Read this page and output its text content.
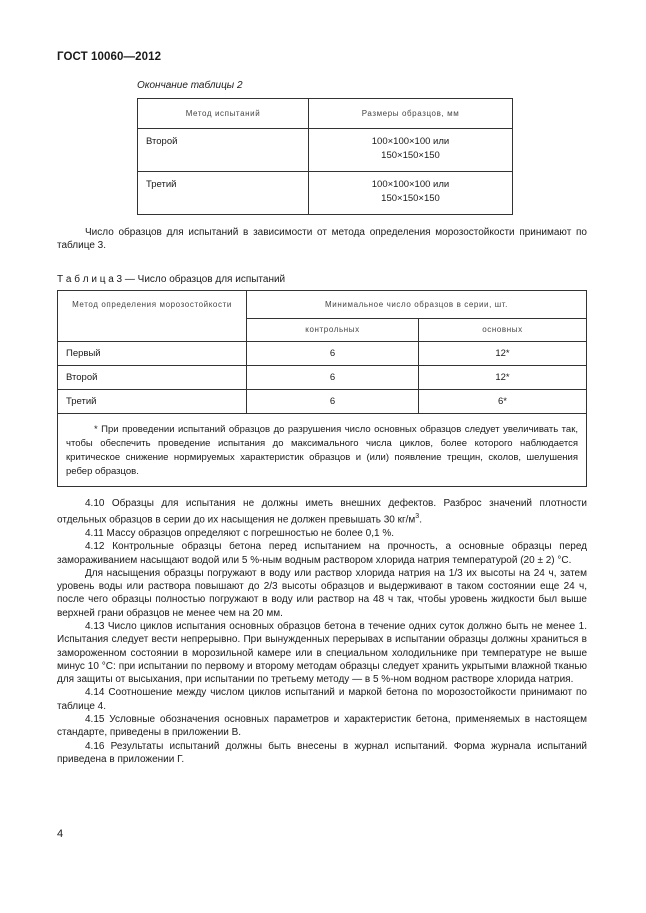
ГОСТ 10060—2012
Окончание таблицы 2
Метод испытаний	Размеры образцов, мм
Второй	100×100×100 или
150×150×150

Третий	100×100×100 или
150×150×150

Число образцов для испытаний в зависимости от метода определения морозостойкости принимают по таблице 3.

Т а б л и ц а 3 — Число образцов для испытаний
Метод определения морозостойкости	Минимальное число образцов в серии, шт.	
	контрольных	основных
Первый	6	12*
Второй	6	12*
Третий	6	6*
* При проведении испытаний образцов до разрушения число основных образцов следует увеличивать так, чтобы обеспечить проведение испытания до максимального числа циклов, более которого наблюдается критическое снижение нормируемых характеристик образцов и (или) появление трещин, сколов, шелушения ребер образцов.		

4.10 Образцы для испытания не должны иметь внешних дефектов. Разброс значений плотности отдельных образцов в серии до их насыщения не должен превышать 30 $кг/м^3$.

4.11 Массу образцов определяют с погрешностью не более 0,1 %.

4.12 Контрольные образцы бетона перед испытанием на прочность, а основные образцы перед замораживанием насыщают водой или 5 %-ным водным раствором хлорида натрия температурой (20 ± 2) °С.

Для насыщения образцы погружают в воду или раствор хлорида натрия на 1/3 их высоты на 24 ч, затем уровень воды или раствора повышают до 2/3 высоты образцов и выдерживают в таком состоянии еще 24 ч, после чего образцы полностью погружают в воду или раствор на 48 ч так, чтобы уровень жидкости был выше верхней грани образцов не менее чем на 20 мм.

4.13 Число циклов испытания основных образцов бетона в течение одних суток должно быть не менее 1. Испытания следует вести непрерывно. При вынужденных перерывах в испытании образцы должны храниться в замороженном состоянии в морозильной камере или в специальном холодильнике при температуре не выше минус 10 °С: при испытании по первому и второму методам образцы следует хранить укрытыми влажной тканью для защиты от высыхания, при испытании по третьему методу — в 5 %-ном водном растворе хлорида натрия.

4.14 Соотношение между числом циклов испытаний и маркой бетона по морозостойкости принимают по таблице 4.

4.15 Условные обозначения основных параметров и характеристик бетона, применяемых в настоящем стандарте, приведены в приложении В.

4.16 Результаты испытаний должны быть внесены в журнал испытаний. Форма журнала испытаний приведена в приложении Г.

4
